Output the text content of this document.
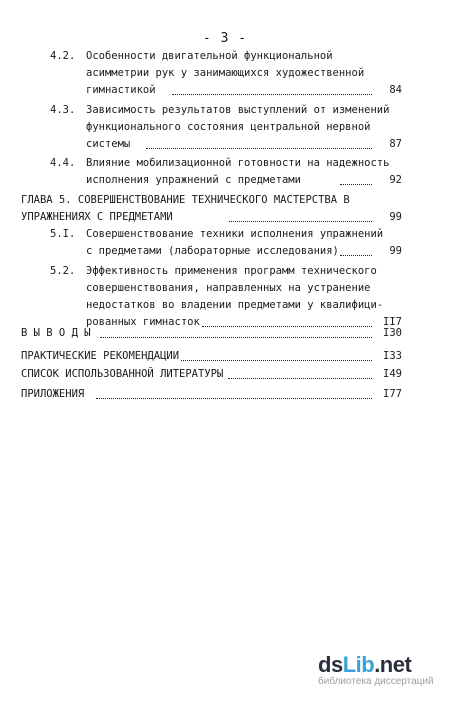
- 3 -
4.2. Особенности двигательной функциональной
асимметрии рук у занимающихся художественной
гимнастикой	84
4.3. Зависимость результатов выступлений от изменений
функционального состояния центральной нервной
системы	87
4.4. Влияние мобилизационной готовности на надежность
исполнения упражнений с предметами	92
ГЛАВА 5. СОВЕРШЕНСТВОВАНИЕ ТЕХНИЧЕСКОГО МАСТЕРСТВА В
УПРАЖНЕНИЯХ С ПРЕДМЕТАМИ	99
5.I. Совершенствование техники исполнения упражнений
с предметами (лабораторные исследования)	99
5.2. Эффективность применения программ технического
совершенствования, направленных на устранение
недостатков во владении предметами у квалифици-
рованных гимнасток	II7
В Ы В О Д Ы	I30
ПРАКТИЧЕСКИЕ РЕКОМЕНДАЦИИ	I33
СПИСОК ИСПОЛЬЗОВАННОЙ ЛИТЕРАТУРЫ	I49
ПРИЛОЖЕНИЯ	I77
dsLib.net
библиотека диссертаций
